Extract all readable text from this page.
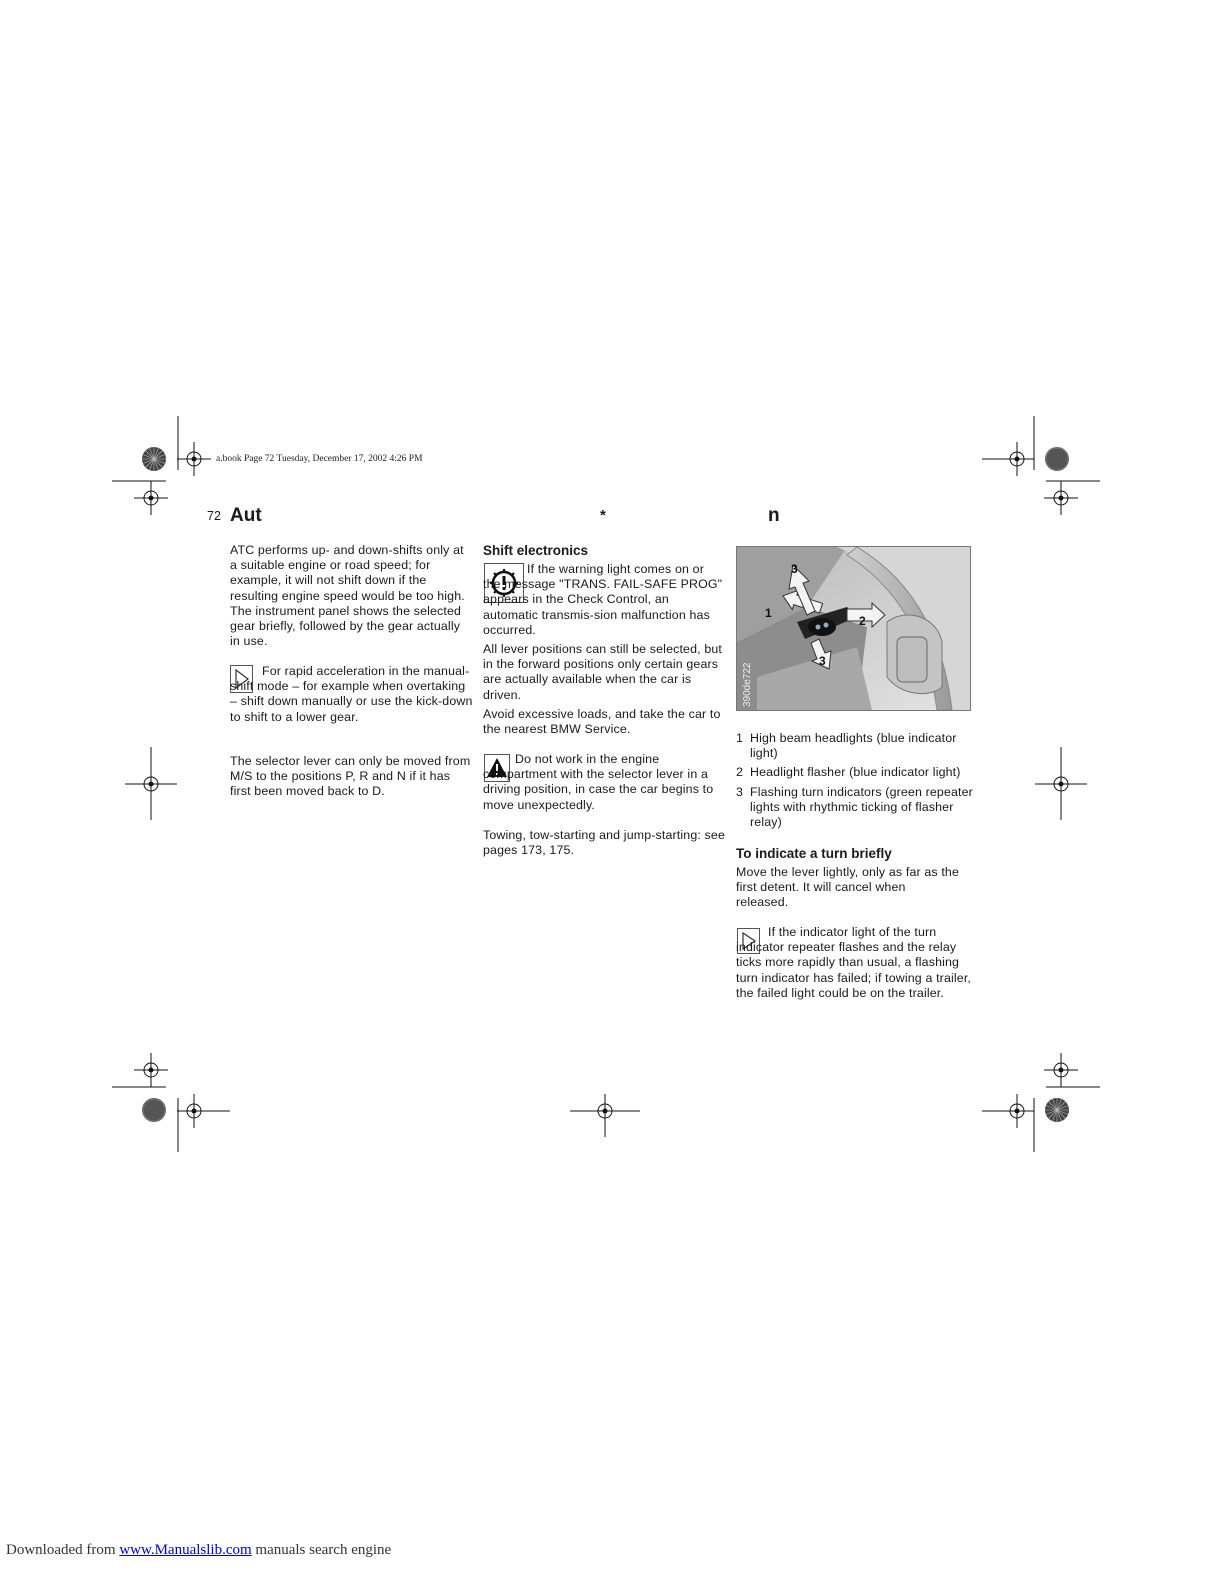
a.book Page 72 Tuesday, December 17, 2002 4:26 PM
72 Aut	*	n

ATC performs up- and down-shifts only at a suitable engine or road speed; for example, it will not shift down if the resulting engine speed would be too high. The instrument panel shows the selected gear briefly, followed by the gear actually in use.

For rapid acceleration in the manual-shift mode – for example when overtaking – shift down manually or use the kick-down to shift to a lower gear.

The selector lever can only be moved from M/S to the positions P, R and N if it has first been moved back to D.

Shift electronics

If the warning light comes on or the message "TRANS. FAIL-SAFE PROG" appears in the Check Control, an automatic transmis-sion malfunction has occurred.

All lever positions can still be selected, but in the forward positions only certain gears are actually available when the car is driven.

Avoid excessive loads, and take the car to the nearest BMW Service.

Do not work in the engine compartment with the selector lever in a driving position, in case the car begins to move unexpectedly.

Towing, tow-starting and jump-starting: see pages 173, 175.

1
2
3
3
390de722
1 High beam headlights (blue indicator light)
2 Headlight flasher (blue indicator light)
3 Flashing turn indicators (green repeater lights with rhythmic ticking of flasher relay)
To indicate a turn briefly

Move the lever lightly, only as far as the first detent. It will cancel when released.

If the indicator light of the turn indicator repeater flashes and the relay ticks more rapidly than usual, a flashing turn indicator has failed; if towing a trailer, the failed light could be on the trailer.

Downloaded from www.Manualslib.com manuals search engine
